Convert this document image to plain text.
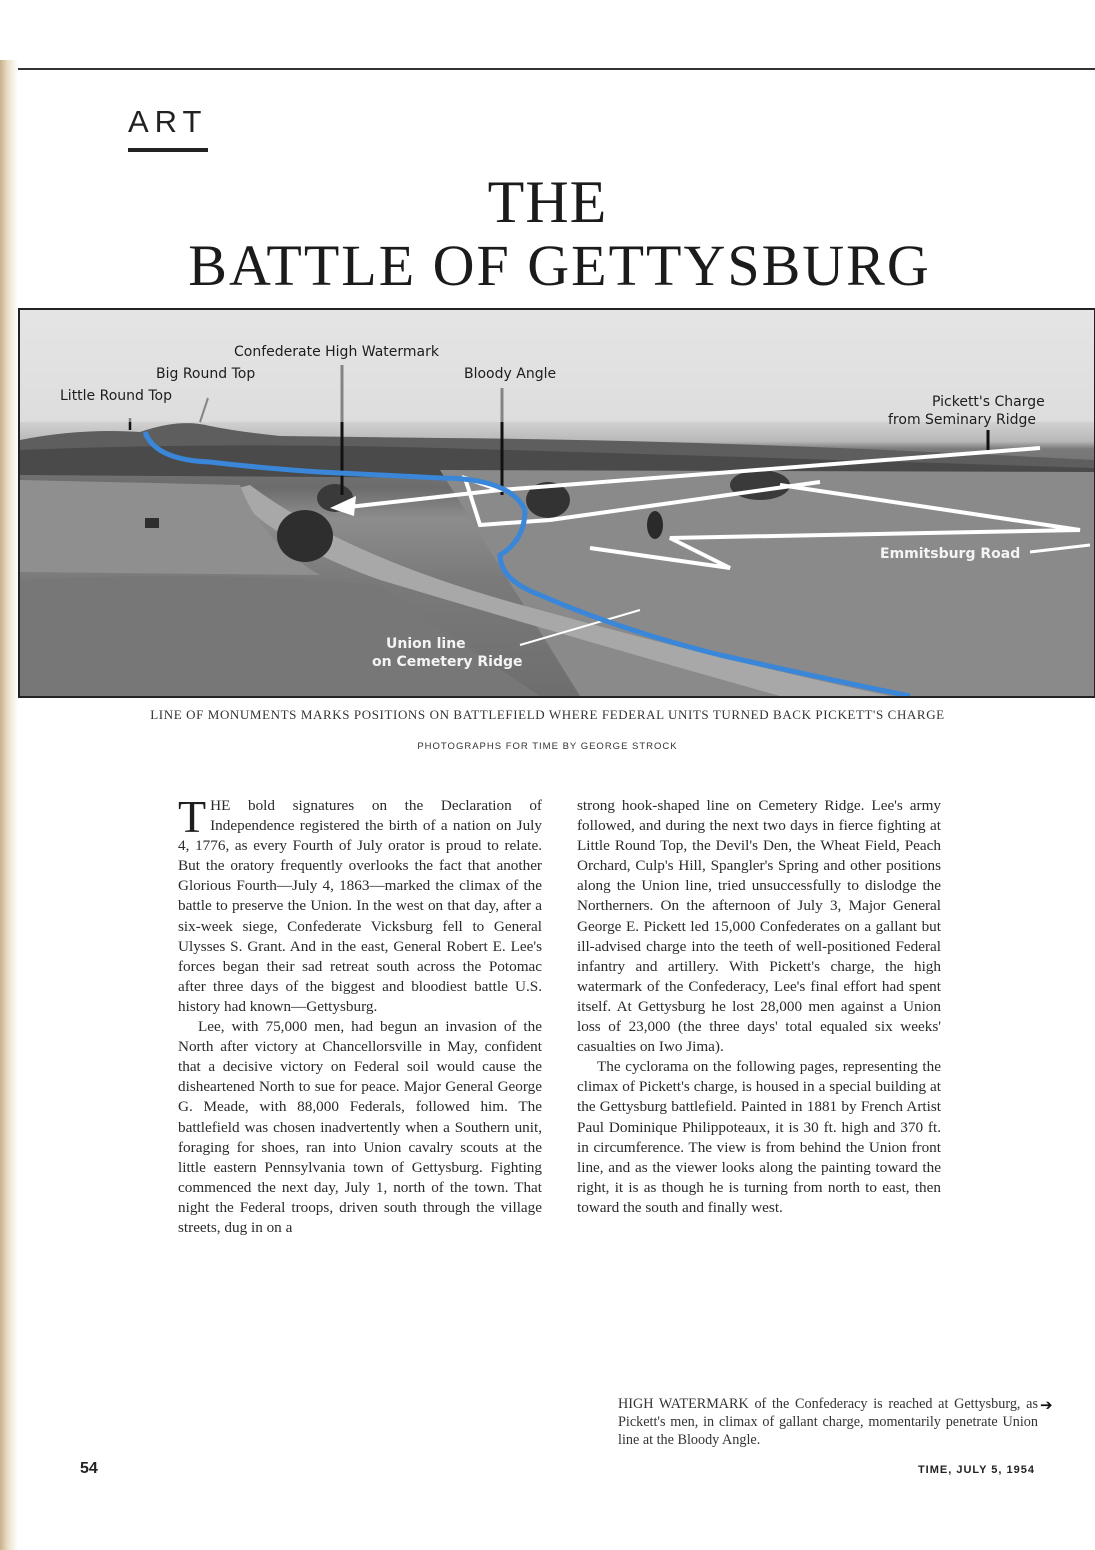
ART
THE
BATTLE OF GETTYSBURG
Confederate High Watermark
Big Round Top
Little Round Top
Bloody Angle
Pickett's Charge
from Seminary Ridge
Emmitsburg Road
Union line
on Cemetery Ridge

LINE OF MONUMENTS MARKS POSITIONS ON BATTLEFIELD WHERE FEDERAL UNITS TURNED BACK PICKETT'S CHARGE

PHOTOGRAPHS FOR TIME BY GEORGE STROCK

THE bold signatures on the Declaration of Independence registered the birth of a nation on July 4, 1776, as every Fourth of July orator is proud to relate. But the oratory frequently overlooks the fact that another Glorious Fourth—July 4, 1863—marked the climax of the battle to preserve the Union. In the west on that day, after a six-week siege, Confederate Vicksburg fell to General Ulysses S. Grant. And in the east, General Robert E. Lee's forces began their sad retreat south across the Potomac after three days of the biggest and bloodiest battle U.S. history had known—Gettysburg.

Lee, with 75,000 men, had begun an invasion of the North after victory at Chancellorsville in May, confident that a decisive victory on Federal soil would cause the disheartened North to sue for peace. Major General George G. Meade, with 88,000 Federals, followed him. The battlefield was chosen inadvertently when a Southern unit, foraging for shoes, ran into Union cavalry scouts at the little eastern Pennsylvania town of Gettysburg. Fighting commenced the next day, July 1, north of the town. That night the Federal troops, driven south through the village streets, dug in on a

strong hook-shaped line on Cemetery Ridge. Lee's army followed, and during the next two days in fierce fighting at Little Round Top, the Devil's Den, the Wheat Field, Peach Orchard, Culp's Hill, Spangler's Spring and other positions along the Union line, tried unsuccessfully to dislodge the Northerners. On the afternoon of July 3, Major General George E. Pickett led 15,000 Confederates on a gallant but ill-advised charge into the teeth of well-positioned Federal infantry and artillery. With Pickett's charge, the high watermark of the Confederacy, Lee's final effort had spent itself. At Gettysburg he lost 28,000 men against a Union loss of 23,000 (the three days' total equaled six weeks' casualties on Iwo Jima).

The cyclorama on the following pages, representing the climax of Pickett's charge, is housed in a special building at the Gettysburg battlefield. Painted in 1881 by French Artist Paul Dominique Philippoteaux, it is 30 ft. high and 370 ft. in circumference. The view is from behind the Union front line, and as the viewer looks along the painting toward the right, it is as though he is turning from north to east, then toward the south and finally west.

HIGH WATERMARK of the Confederacy is reached at Gettysburg, as Pickett's men, in climax of gallant charge, momentarily penetrate Union line at the Bloody Angle.

➔
54	TIME, JULY 5, 1954
